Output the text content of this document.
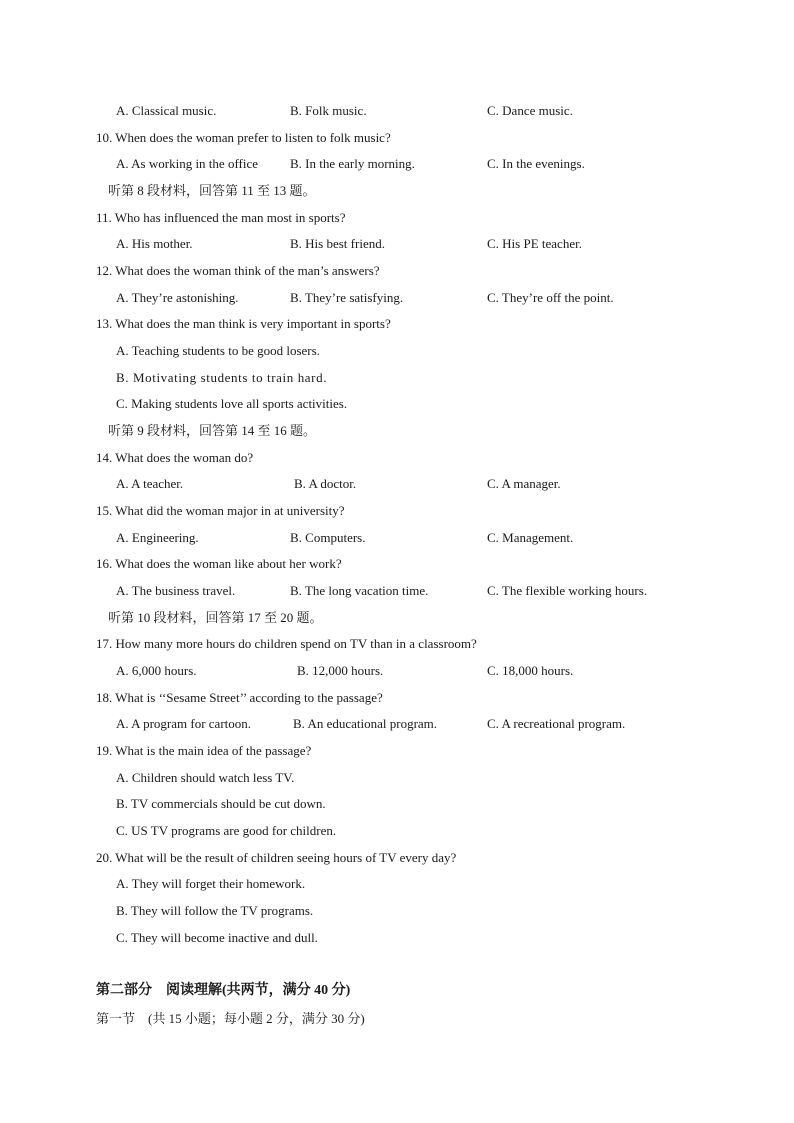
A. Classical music.	B. Folk music.	C. Dance music.
10. When does the woman prefer to listen to folk music?
A. As working in the office B. In the early morning.	C. In the evenings.
听第 8 段材料，回答第 11 至 13 题。
11. Who has influenced the man most in sports?
A. His mother.	B. His best friend.	C. His PE teacher.
12. What does the woman think of the man’s answers?
A. They’re astonishing.	B. They’re satisfying.	C. They’re off the point.
13. What does the man think is very important in sports?
A. Teaching students to be good losers.
B. Motivating students to train hard.
C. Making students love all sports activities.
听第 9 段材料，回答第 14 至 16 题。
14. What does the woman do?
A. A teacher.	B. A doctor.	C. A manager.
15. What did the woman major in at university?
A. Engineering.	B. Computers.	C. Management.
16. What does the woman like about her work?
A. The business travel.	B. The long vacation time.	C. The flexible working hours.
听第 10 段材料，回答第 17 至 20 题。
17. How many more hours do children spend on TV than in a classroom?
A. 6,000 hours.	B. 12,000 hours.	C. 18,000 hours.
18. What is ‘‘Sesame Street’’ according to the passage?
A. A program for cartoon.	B. An educational program.	C. A recreational program.
19. What is the main idea of the passage?
A. Children should watch less TV.
B. TV commercials should be cut down.
C. US TV programs are good for children.
20. What will be the result of children seeing hours of TV every day?
A. They will forget their homework.
B. They will follow the TV programs.
C. They will become inactive and dull.
第二部分　阅读理解(共两节，满分 40 分)
第一节　(共 15 小题；每小题 2 分，满分 30 分)
